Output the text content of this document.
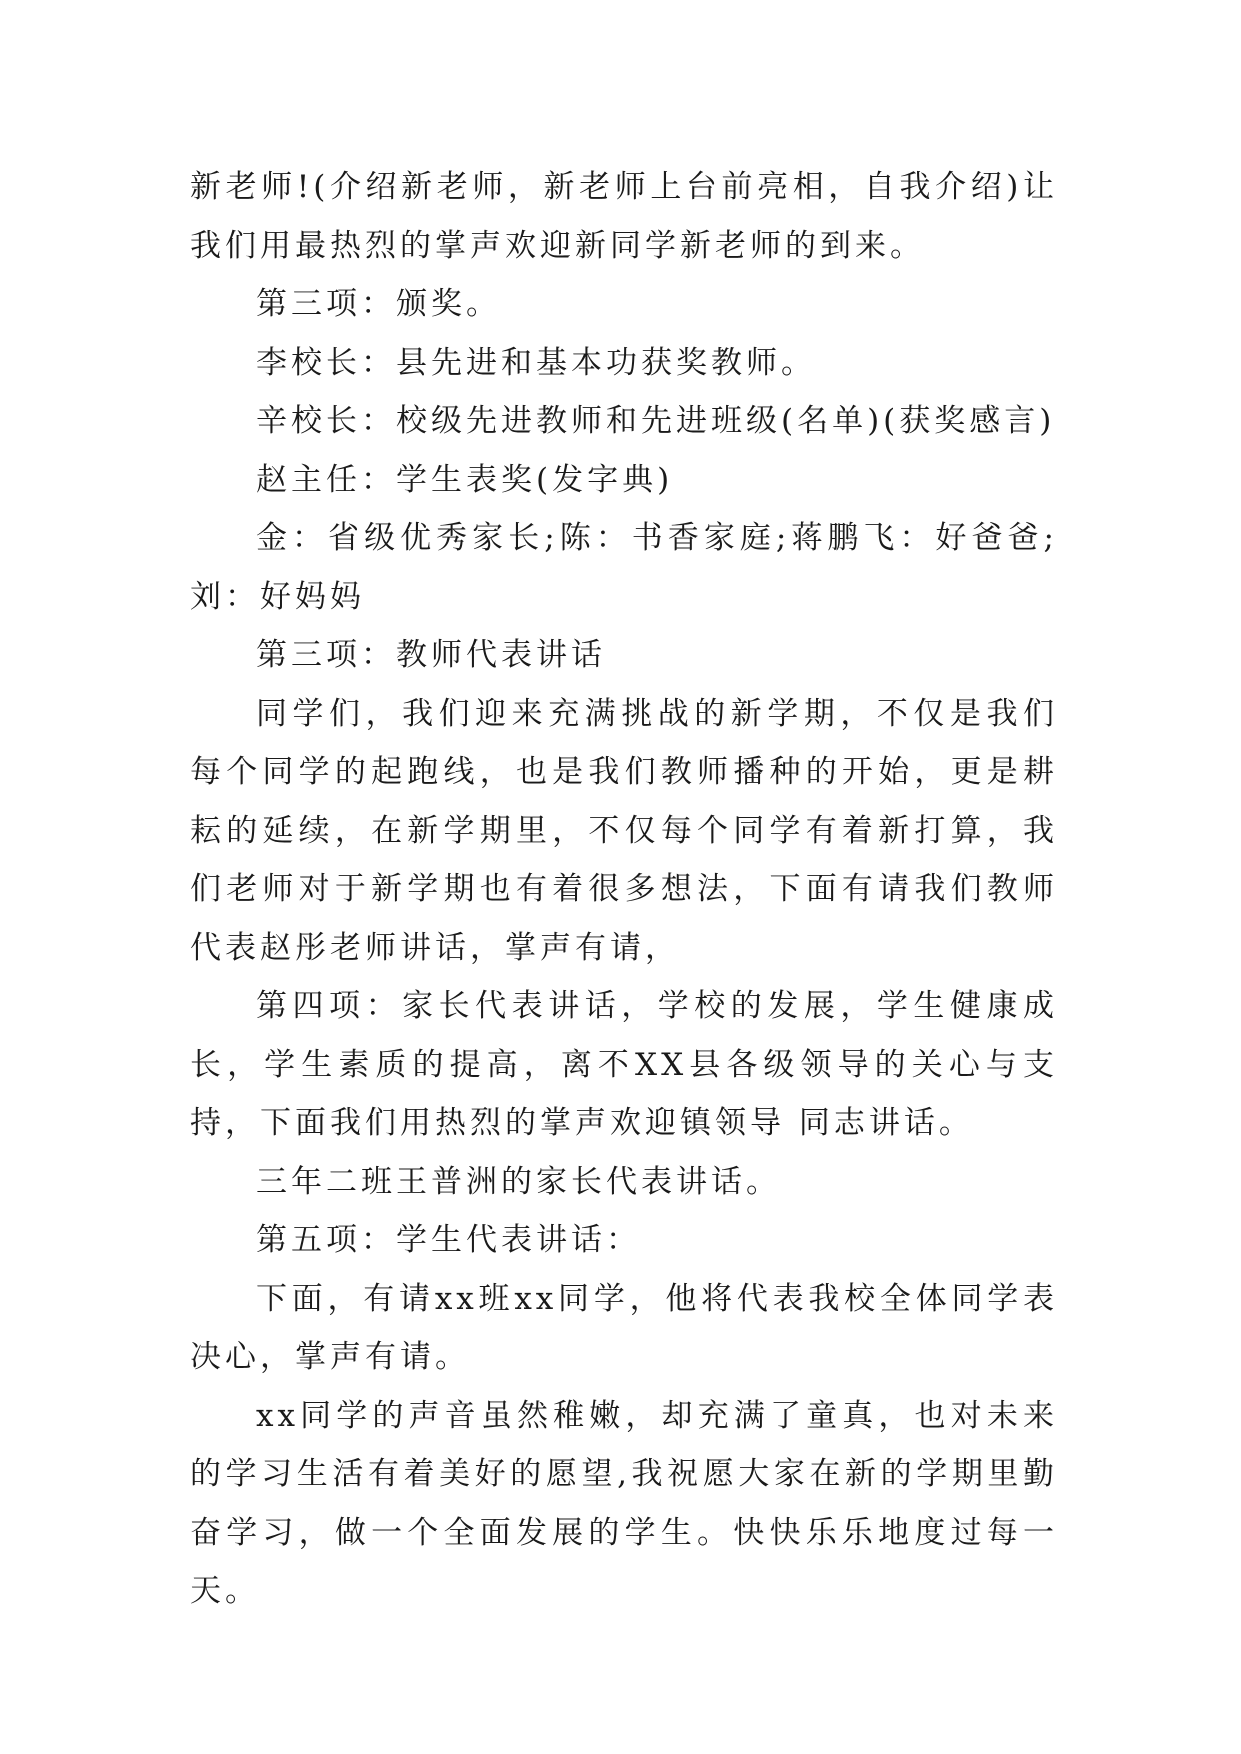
新老师!(介绍新老师，新老师上台前亮相，自我介绍)让我们用最热烈的掌声欢迎新同学新老师的到来。

第三项：颁奖。

李校长：县先进和基本功获奖教师。

辛校长：校级先进教师和先进班级(名单)(获奖感言)

赵主任：学生表奖(发字典)

金：省级优秀家长;陈：书香家庭;蒋鹏飞：好爸爸;刘：好妈妈

第三项：教师代表讲话

同学们，我们迎来充满挑战的新学期，不仅是我们每个同学的起跑线，也是我们教师播种的开始，更是耕耘的延续，在新学期里，不仅每个同学有着新打算，我们老师对于新学期也有着很多想法，下面有请我们教师代表赵彤老师讲话，掌声有请，

第四项：家长代表讲话，学校的发展，学生健康成长，学生素质的提高，离不XX县各级领导的关心与支持，下面我们用热烈的掌声欢迎镇领导 同志讲话。

三年二班王普洲的家长代表讲话。

第五项：学生代表讲话：

下面，有请xx班xx同学，他将代表我校全体同学表决心，掌声有请。

xx同学的声音虽然稚嫩，却充满了童真，也对未来的学习生活有着美好的愿望,我祝愿大家在新的学期里勤奋学习，做一个全面发展的学生。快快乐乐地度过每一天。
